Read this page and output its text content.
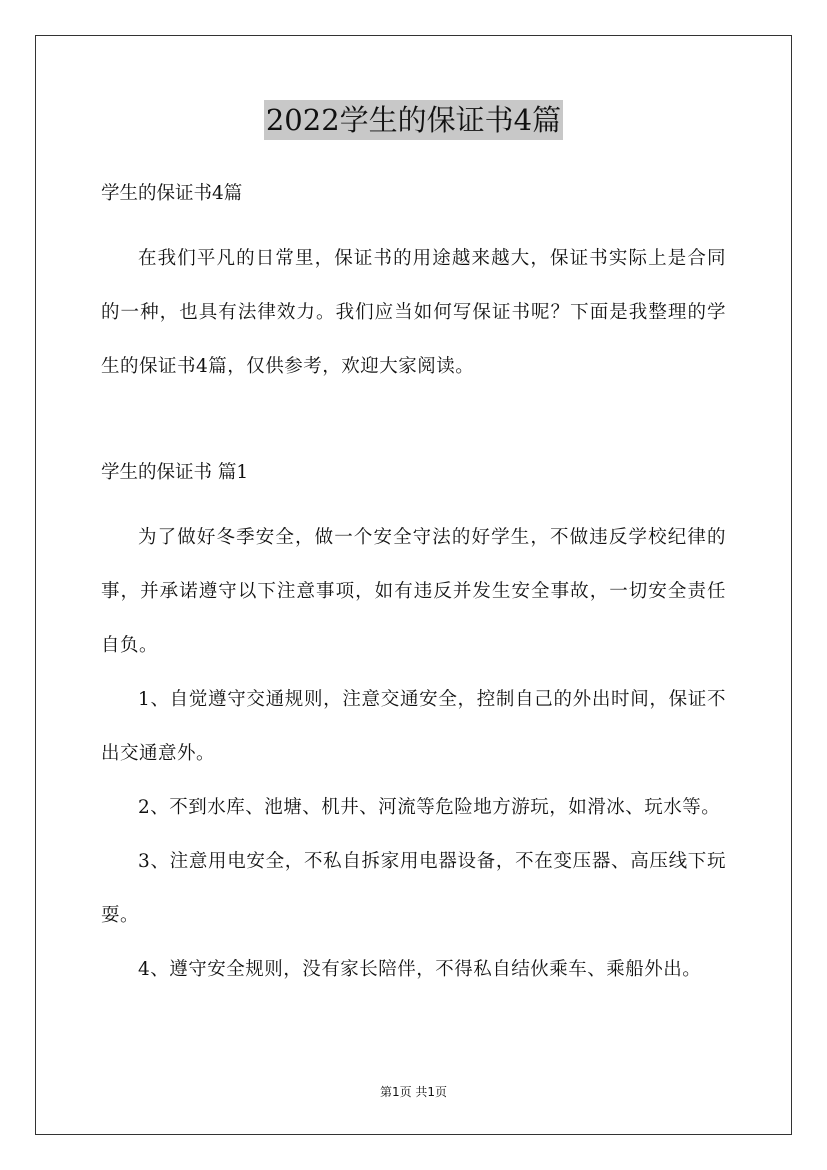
2022学生的保证书4篇

学生的保证书4篇

在我们平凡的日常里，保证书的用途越来越大，保证书实际上是合同的一种，也具有法律效力。我们应当如何写保证书呢？下面是我整理的学生的保证书4篇，仅供参考，欢迎大家阅读。

学生的保证书 篇1

为了做好冬季安全，做一个安全守法的好学生，不做违反学校纪律的事，并承诺遵守以下注意事项，如有违反并发生安全事故，一切安全责任自负。

1、自觉遵守交通规则，注意交通安全，控制自己的外出时间，保证不出交通意外。

2、不到水库、池塘、机井、河流等危险地方游玩，如滑冰、玩水等。

3、注意用电安全，不私自拆家用电器设备，不在变压器、高压线下玩耍。

4、遵守安全规则，没有家长陪伴，不得私自结伙乘车、乘船外出。

第1页 共1页
